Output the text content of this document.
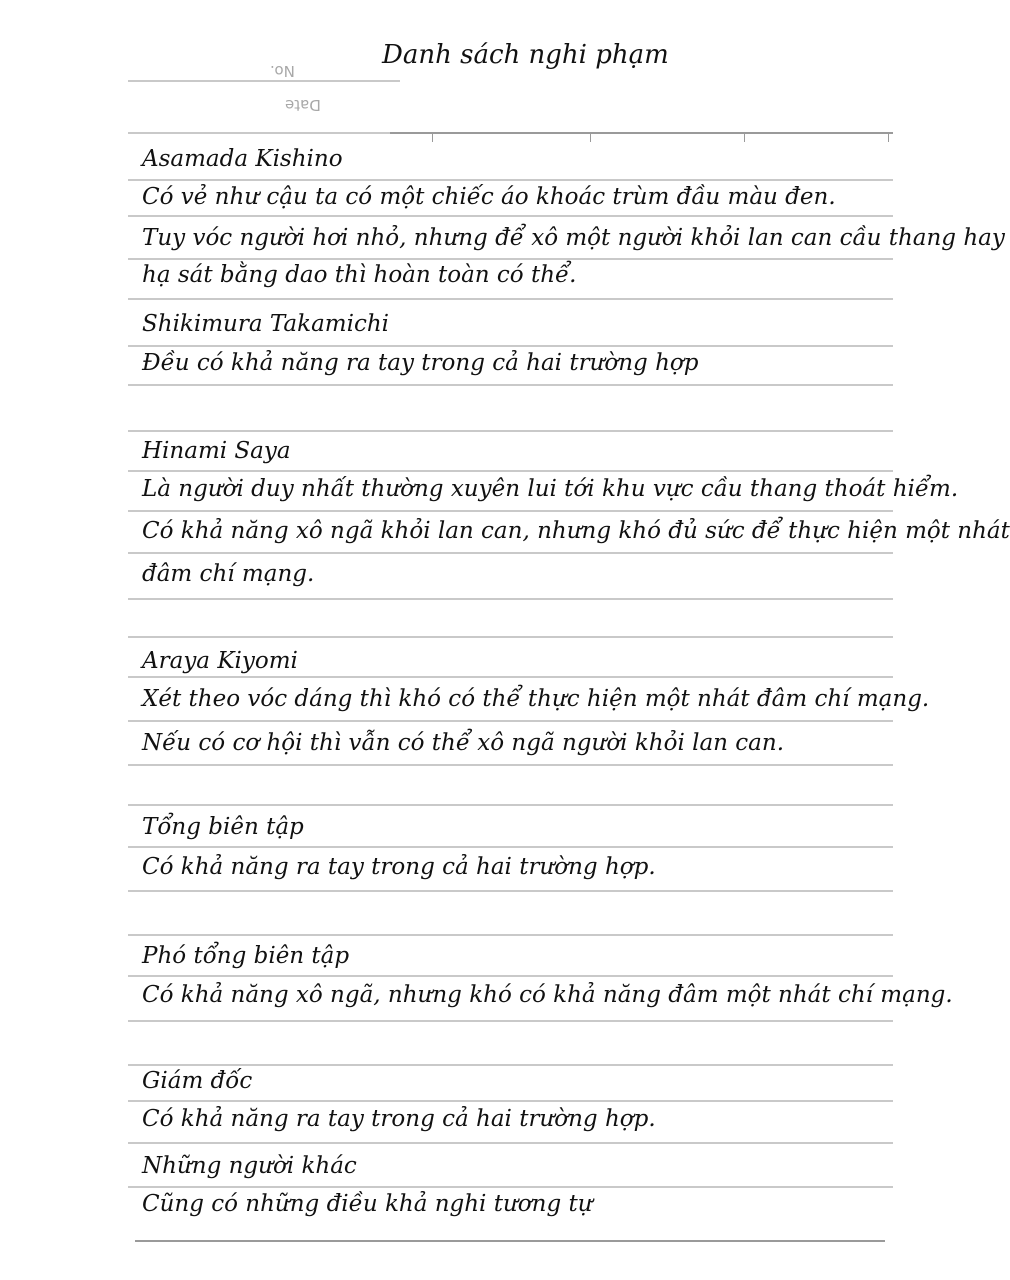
No.
Date
Danh sách nghi phạm
Asamada Kishino
Có vẻ như cậu ta có một chiếc áo khoác trùm đầu màu đen.
Tuy vóc người hơi nhỏ, nhưng để xô một người khỏi lan can cầu thang hay
hạ sát bằng dao thì hoàn toàn có thể.
Shikimura Takamichi
Đều có khả năng ra tay trong cả hai trường hợp
Hinami Saya
Là người duy nhất thường xuyên lui tới khu vực cầu thang thoát hiểm.
Có khả năng xô ngã khỏi lan can, nhưng khó đủ sức để thực hiện một nhát
đâm chí mạng.
Araya Kiyomi
Xét theo vóc dáng thì khó có thể thực hiện một nhát đâm chí mạng.
Nếu có cơ hội thì vẫn có thể xô ngã người khỏi lan can.
Tổng biên tập
Có khả năng ra tay trong cả hai trường hợp.
Phó tổng biên tập
Có khả năng xô ngã, nhưng khó có khả năng đâm một nhát chí mạng.
Giám đốc
Có khả năng ra tay trong cả hai trường hợp.
Những người khác
Cũng có những điều khả nghi tương tự
